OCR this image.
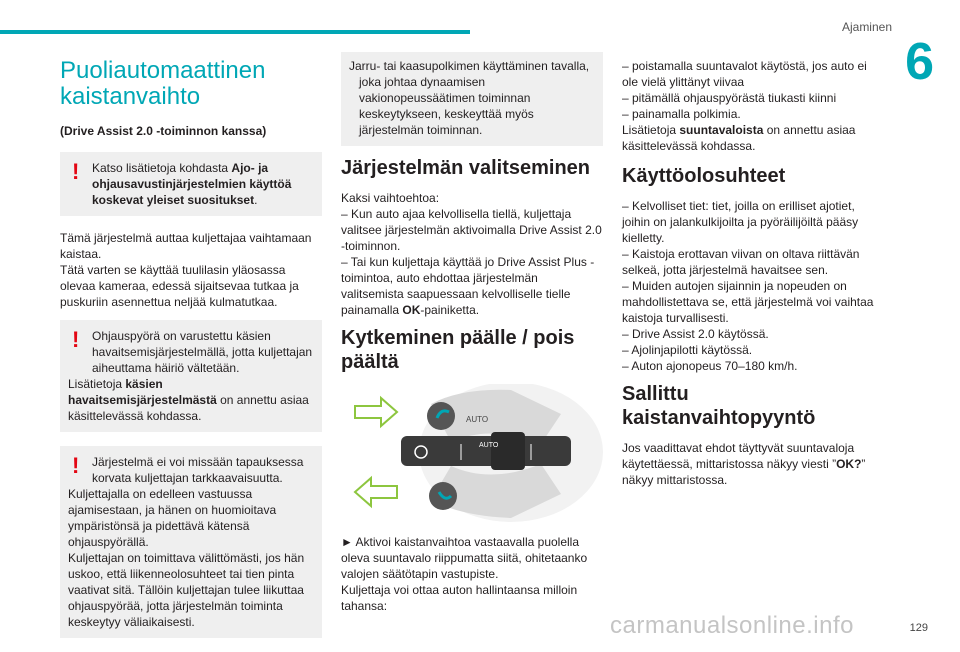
Ajaminen
6
Puoliautomaattinen
kaistanvaihto
(Drive Assist 2.0 -toiminnon kanssa)
!	Katso lisätietoja kohdasta Ajo- ja ohjausavustinjärjestelmien käyttöä koskevat yleiset suositukset.

Tämä järjestelmä auttaa kuljettajaa vaihtamaan kaistaa.

Tätä varten se käyttää tuulilasin yläosassa olevaa kameraa, edessä sijaitsevaa tutkaa ja puskuriin asennettua neljää kulmatutkaa.

!	Ohjauspyörä on varustettu käsien havaitsemisjärjestelmällä, jotta kuljettajan aiheuttama häiriö vältetään.
Lisätietoja käsien havaitsemisjärjestelmästä on annettu asiaa käsittelevässä kohdassa.
!	Järjestelmä ei voi missään tapauksessa korvata kuljettajan tarkkaavaisuutta.
Kuljettajalla on edelleen vastuussa ajamisestaan, ja hänen on huomioitava ympäristönsä ja pidettävä kätensä ohjauspyörällä.
Kuljettajan on toimittava välittömästi, jos hän uskoo, että liikenneolosuhteet tai tien pinta vaativat sitä. Tällöin kuljettajan tulee liikuttaa ohjauspyörää, jotta järjestelmän toiminta keskeytyy väliaikaisesti.
Jarru- tai kaasupolkimen käyttäminen tavalla, joka johtaa dynaamisen vakionopeussäätimen toiminnan keskeytykseen, keskeyttää myös järjestelmän toiminnan.
Järjestelmän valitseminen

Kaksi vaihtoehtoa:

– Kun auto ajaa kelvollisella tiellä, kuljettaja valitsee järjestelmän aktivoimalla Drive Assist 2.0 -toiminnon.

– Tai kun kuljettaja käyttää jo Drive Assist Plus -toimintoa, auto ehdottaa järjestelmän valitsemista saapuessaan kelvolliselle tielle painamalla OK-painiketta.

Kytkeminen päälle / pois päältä
AUTO
AUTO

► Aktivoi kaistanvaihtoa vastaavalla puolella oleva suuntavalo riippumatta siitä, ohitetaanko valojen säätötapin vastupiste.

Kuljettaja voi ottaa auton hallintaansa milloin tahansa:

– poistamalla suuntavalot käytöstä, jos auto ei ole vielä ylittänyt viivaa

– pitämällä ohjauspyörästä tiukasti kiinni

– painamalla polkimia.

Lisätietoja suuntavaloista on annettu asiaa käsittelevässä kohdassa.

Käyttöolosuhteet

– Kelvolliset tiet: tiet, joilla on erilliset ajotiet, joihin on jalankulkijoilta ja pyöräilijöiltä pääsy kielletty.

– Kaistoja erottavan viivan on oltava riittävän selkeä, jotta järjestelmä havaitsee sen.

– Muiden autojen sijainnin ja nopeuden on mahdollistettava se, että järjestelmä voi vaihtaa kaistoja turvallisesti.

– Drive Assist 2.0 käytössä.

– Ajolinjapilotti käytössä.

– Auton ajonopeus 70–180 km/h.

Sallittu kaistanvaihtopyyntö

Jos vaadittavat ehdot täyttyvät suuntavaloja käytettäessä, mittaristossa näkyy viesti ”OK?” näkyy mittaristossa.

carmanualsonline.info	129
